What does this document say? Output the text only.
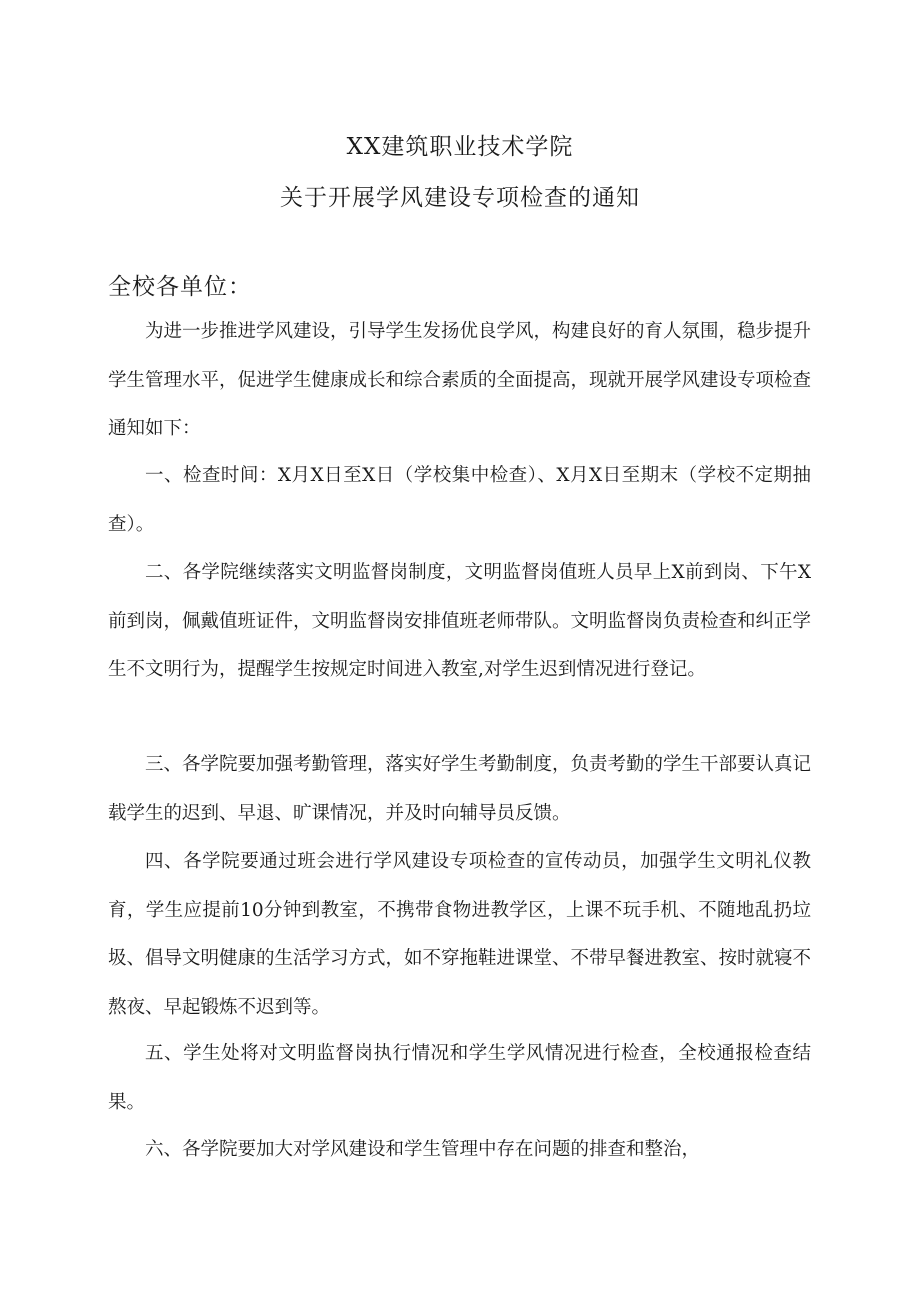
XX建筑职业技术学院
关于开展学风建设专项检查的通知
全校各单位：

为进一步推进学风建设，引导学生发扬优良学风，构建良好的育人氛围，稳步提升学生管理水平，促进学生健康成长和综合素质的全面提高，现就开展学风建设专项检查通知如下：

一、检查时间：X月X日至X日（学校集中检查）、X月X日至期末（学校不定期抽查）。

二、各学院继续落实文明监督岗制度，文明监督岗值班人员早上X前到岗、下午X前到岗，佩戴值班证件，文明监督岗安排值班老师带队。文明监督岗负责检查和纠正学生不文明行为，提醒学生按规定时间进入教室,对学生迟到情况进行登记。

三、各学院要加强考勤管理，落实好学生考勤制度，负责考勤的学生干部要认真记载学生的迟到、早退、旷课情况，并及时向辅导员反馈。

四、各学院要通过班会进行学风建设专项检查的宣传动员，加强学生文明礼仪教育，学生应提前10分钟到教室，不携带食物进教学区，上课不玩手机、不随地乱扔垃圾、倡导文明健康的生活学习方式，如不穿拖鞋进课堂、不带早餐进教室、按时就寝不熬夜、早起锻炼不迟到等。

五、学生处将对文明监督岗执行情况和学生学风情况进行检查，全校通报检查结果。

六、各学院要加大对学风建设和学生管理中存在问题的排查和整治，
